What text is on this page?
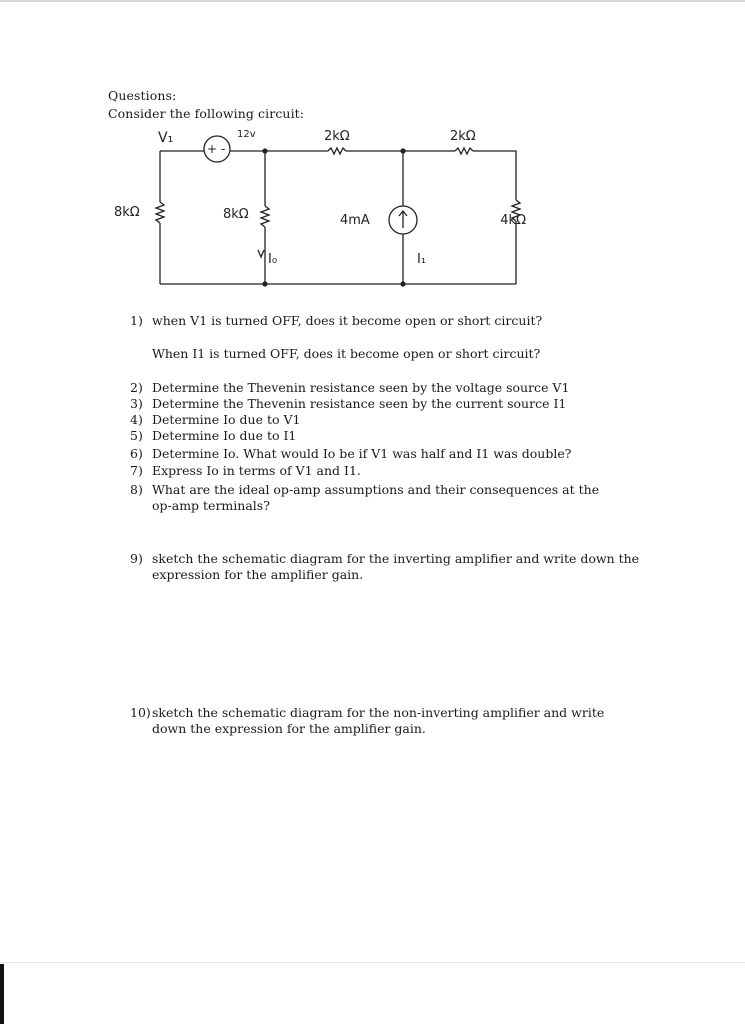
Questions:
Consider the following circuit:
V₁	12v
+ -
2kΩ	2kΩ
8kΩ	8kΩ	4mA	4kΩ
I₀	I₁
1) when V1 is turned OFF, does it become open or short circuit?
When I1 is turned OFF, does it become open or short circuit?
2) Determine the Thevenin resistance seen by the voltage source V1
3) Determine the Thevenin resistance seen by the current source I1
4) Determine Io due to V1
5) Determine Io due to I1
6) Determine Io. What would Io be if V1 was half and I1 was double?
7) Express Io in terms of V1 and I1.
8) What are the ideal op-amp assumptions and their consequences at the op-amp terminals?
9) sketch the schematic diagram for the inverting amplifier and write down the expression for the amplifier gain.
10) sketch the schematic diagram for the non-inverting amplifier and write down the expression for the amplifier gain.
